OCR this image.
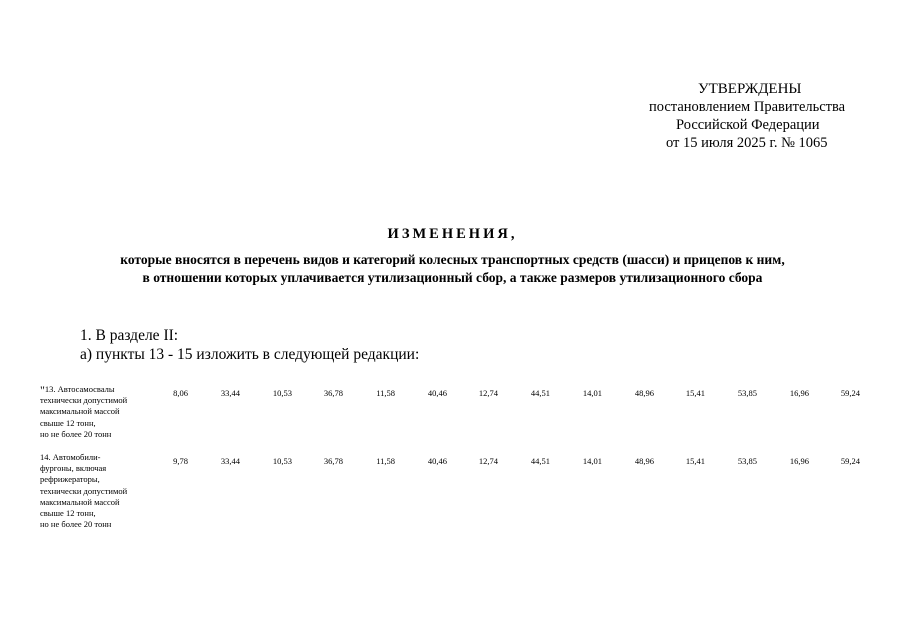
УТВЕРЖДЕНЫ
постановлением Правительства
Российской Федерации
от 15 июля 2025 г. № 1065
ИЗМЕНЕНИЯ,
которые вносятся в перечень видов и категорий колесных транспортных средств (шасси) и прицепов к ним,
в отношении которых уплачивается утилизационный сбор, а также размеров утилизационного сбора
1. В разделе II:
а) пункты 13 - 15 изложить в следующей редакции:
"13. Автосамосвалы
технически допустимой
максимальной массой
свыше 12 тонн,
но не более 20 тонн
8,06	33,44	10,53	36,78	11,58	40,46	12,74	44,51	14,01	48,96	15,41	53,85	16,96	59,24
14. Автомобили-
фургоны, включая
рефрижераторы,
технически допустимой
максимальной массой
свыше 12 тонн,
но не более 20 тонн
9,78	33,44	10,53	36,78	11,58	40,46	12,74	44,51	14,01	48,96	15,41	53,85	16,96	59,24
